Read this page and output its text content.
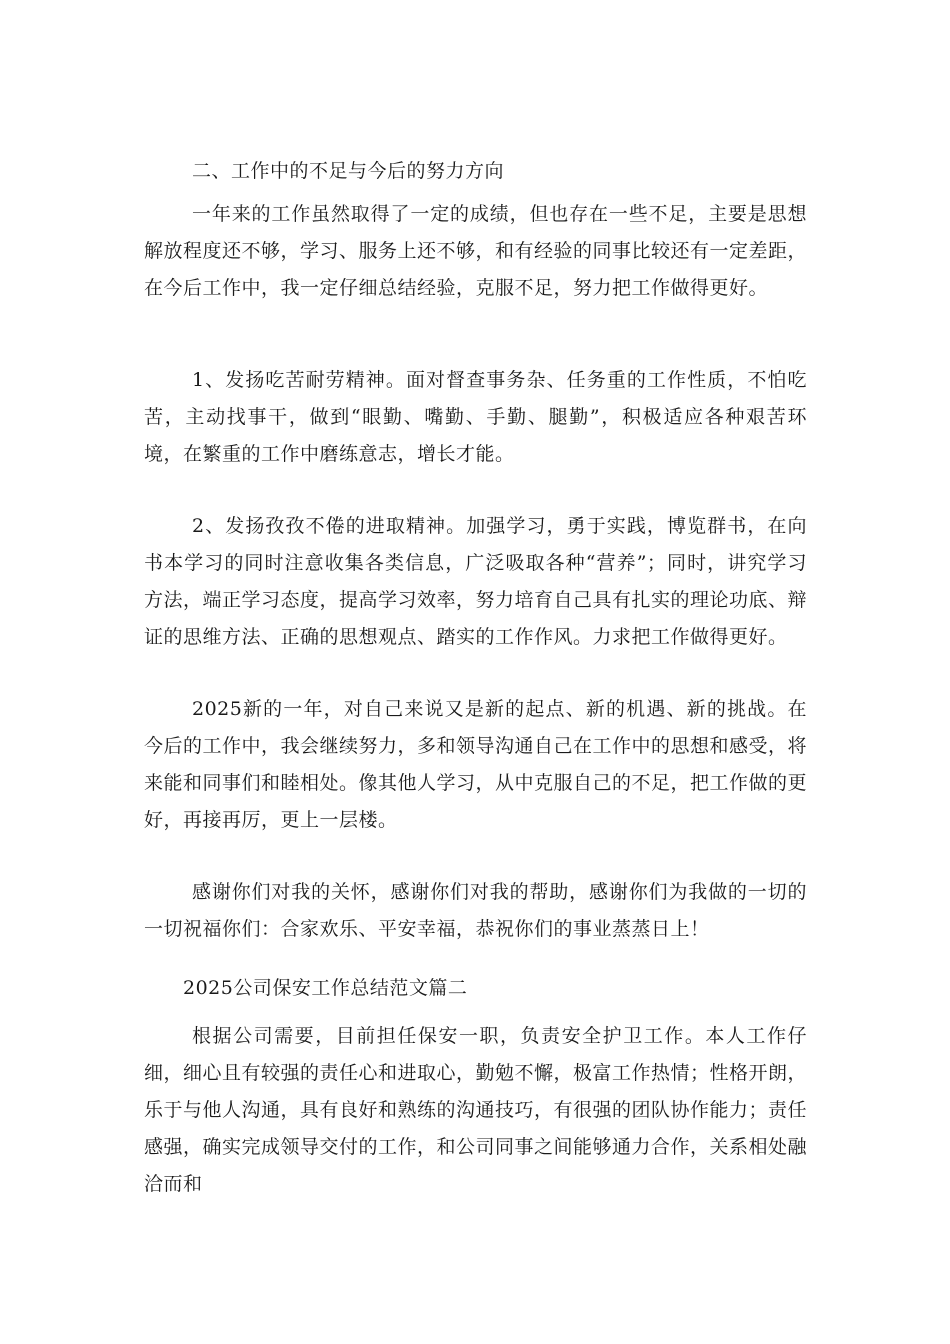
二、工作中的不足与今后的努力方向

一年来的工作虽然取得了一定的成绩，但也存在一些不足，主要是思想解放程度还不够，学习、服务上还不够，和有经验的同事比较还有一定差距，在今后工作中，我一定仔细总结经验，克服不足，努力把工作做得更好。

1、发扬吃苦耐劳精神。面对督查事务杂、任务重的工作性质，不怕吃苦，主动找事干，做到“眼勤、嘴勤、手勤、腿勤”，积极适应各种艰苦环境，在繁重的工作中磨练意志，增长才能。

2、发扬孜孜不倦的进取精神。加强学习，勇于实践，博览群书，在向书本学习的同时注意收集各类信息，广泛吸取各种“营养”；同时，讲究学习方法，端正学习态度，提高学习效率，努力培育自己具有扎实的理论功底、辩证的思维方法、正确的思想观点、踏实的工作作风。力求把工作做得更好。

2025新的一年，对自己来说又是新的起点、新的机遇、新的挑战。在今后的工作中，我会继续努力，多和领导沟通自己在工作中的思想和感受，将来能和同事们和睦相处。像其他人学习，从中克服自己的不足，把工作做的更好，再接再厉，更上一层楼。

感谢你们对我的关怀，感谢你们对我的帮助，感谢你们为我做的一切的一切祝福你们：合家欢乐、平安幸福，恭祝你们的事业蒸蒸日上！

2025公司保安工作总结范文篇二

根据公司需要，目前担任保安一职，负责安全护卫工作。本人工作仔细，细心且有较强的责任心和进取心，勤勉不懈，极富工作热情；性格开朗，乐于与他人沟通，具有良好和熟练的沟通技巧，有很强的团队协作能力；责任感强，确实完成领导交付的工作，和公司同事之间能够通力合作，关系相处融洽而和
